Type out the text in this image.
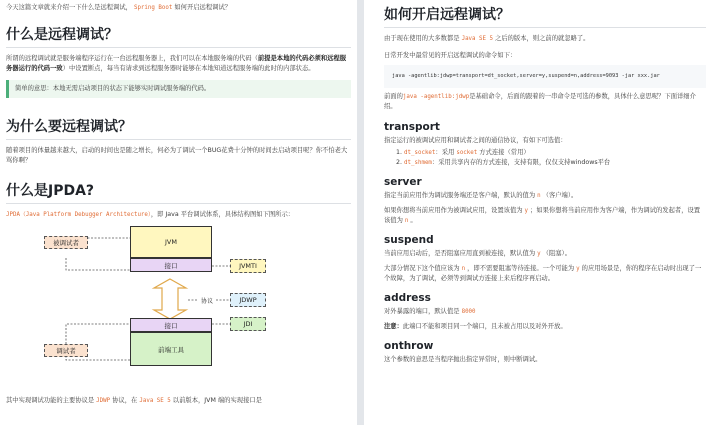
今天这篇文章就来介绍一下什么是远程调试， Spring Boot 如何开启远程调试？

什么是远程调试？

所谓的远程调试就是服务端程序运行在一台远程服务器上，我们可以在本地服务端的代码（前提是本地的代码必须和远程服务器运行的代码一致）中设置断点，每当有请求到远程服务器时能够在本地知道远程服务端的此时的内部状态。

简单的意思：本地无需启动项目的状态下能够实时调试服务端的代码。
为什么要远程调试？

随着项目的体量越来越大，启动的时间也是随之增长，何必为了调试一个BUG花费十分钟的时间去启动项目呢？你不怕老大骂你啊？

什么是JPDA?

JPDA（Java Platform Debugger Architecture），即 Java 平台调试体系，具体结构图如下图所示：

被调试者	JVM
接口	JVMTI
协议	JDWP
接口	JDI
前端工具
调试者

其中实现调试功能的主要协议是 JDWP 协议，在 Java SE 5 以前版本，JVM 端的实现接口是

如何开启远程调试？

由于现在使用的大多数都是 Java SE 5 之后的版本，则之前的就忽略了。

日常开发中最常见的开启远程调试的命令如下：

java -agentlib:jdwp=transport=dt_socket,server=y,suspend=n,address=9093 -jar xxx.jar

前面的java -agentlib:jdwp是基础命令，后面的跟着的一串命令是可选的参数，具体什么意思呢？下面详细介绍。

transport

指定运行的被调试应用和调试者之间的通信协议，有如下可选值：

1. dt_socket：采用 socket 方式连接（常用）
2. dt_shmem：采用共享内存的方式连接，支持有限，仅仅支持windows平台
server

指定当前应用作为调试服务端还是客户端，默认的值为 n （客户端）。

如果你想将当前应用作为被调试应用，设置该值为 y ；如果你想将当前应用作为客户端，作为调试的发起者，设置该值为 n 。

suspend

当前应用启动后，是否阻塞应用直到被连接，默认值为 y （阻塞）。

大部分情况下这个值应该为 n ，即不需要阻塞等待连接。一个可能为 y 的应用场景是，你的程序在启动时出现了一个故障，为了调试，必须等到调试方连接上来后程序再启动。

address

对外暴露的端口，默认值是 8000

注意：此端口不能和项目同一个端口，且未被占用以及对外开放。

onthrow

这个参数的意思是当程序抛出指定异常时，则中断调试。
